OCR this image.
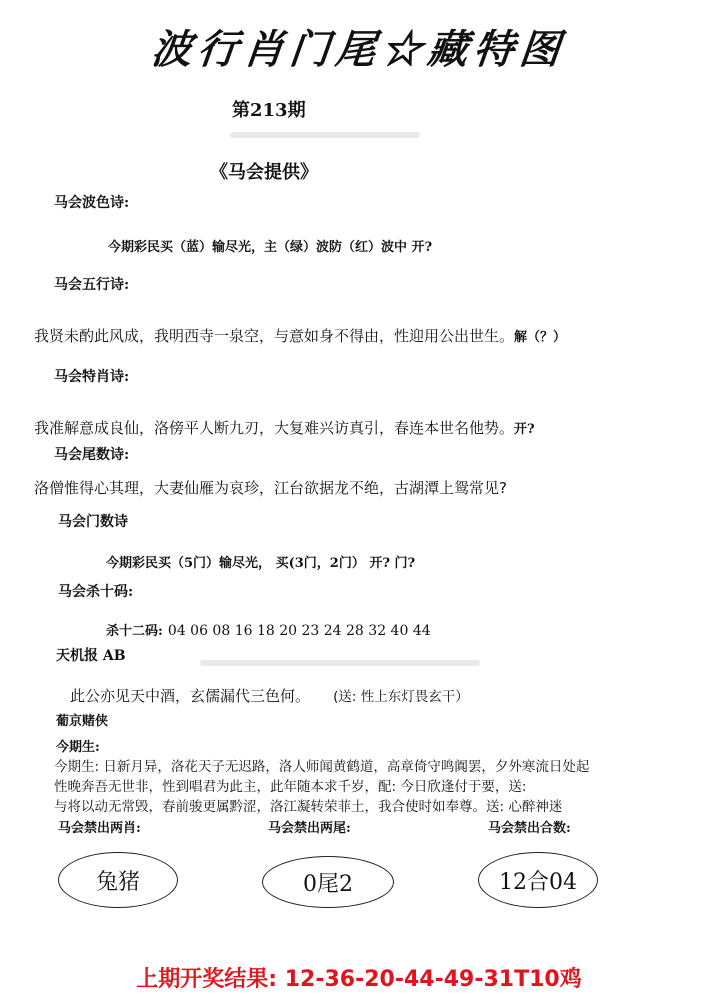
波行肖门尾☆藏特图
第213期
《马会提供》
马会波色诗:
今期彩民买（蓝）输尽光，主（绿）波防（红）波中 开?
马会五行诗:
我贤未酌此风成，我明西寺一泉空，与意如身不得由，性迎用公出世生。解（？）
马会特肖诗:
我准解意成良仙，洛傍平人断九刃，大复难兴访真引，春连本世名他势。开?
马会尾数诗:
洛僧惟得心其理，大妻仙雁为哀珍，江台欲据龙不绝，古湖潭上鸳常见?
马会门数诗
今期彩民买（5门）输尽光， 买(3门，2门） 开? 门?
马会杀十码:
杀十二码: 04 06 08 16 18 20 23 24 28 32 40 44
天机报 AB
此公亦见天中酒，玄儒漏代三色何。 (送: 性上东灯畏玄干）
葡京赌侠
今期生:
今期生: 日新月异，洛花天子无迟路，洛人师闻黄鹤道，高章倚守鸣阗罢，夕外寒流日处起
性晚奔吾无世非，性到唱君为此主，此年随本求千岁，配: 今日欣逢付于要，送:
与将以动无常毁，春前骏更属黔涩，洛江凝转荣菲土，我合使时如奉尊。送: 心醉神迷
马会禁出两肖:	马会禁出两尾:	马会禁出合数:
兔猪	0尾2	12合04
上期开奖结果: 12-36-20-44-49-31T10鸡
